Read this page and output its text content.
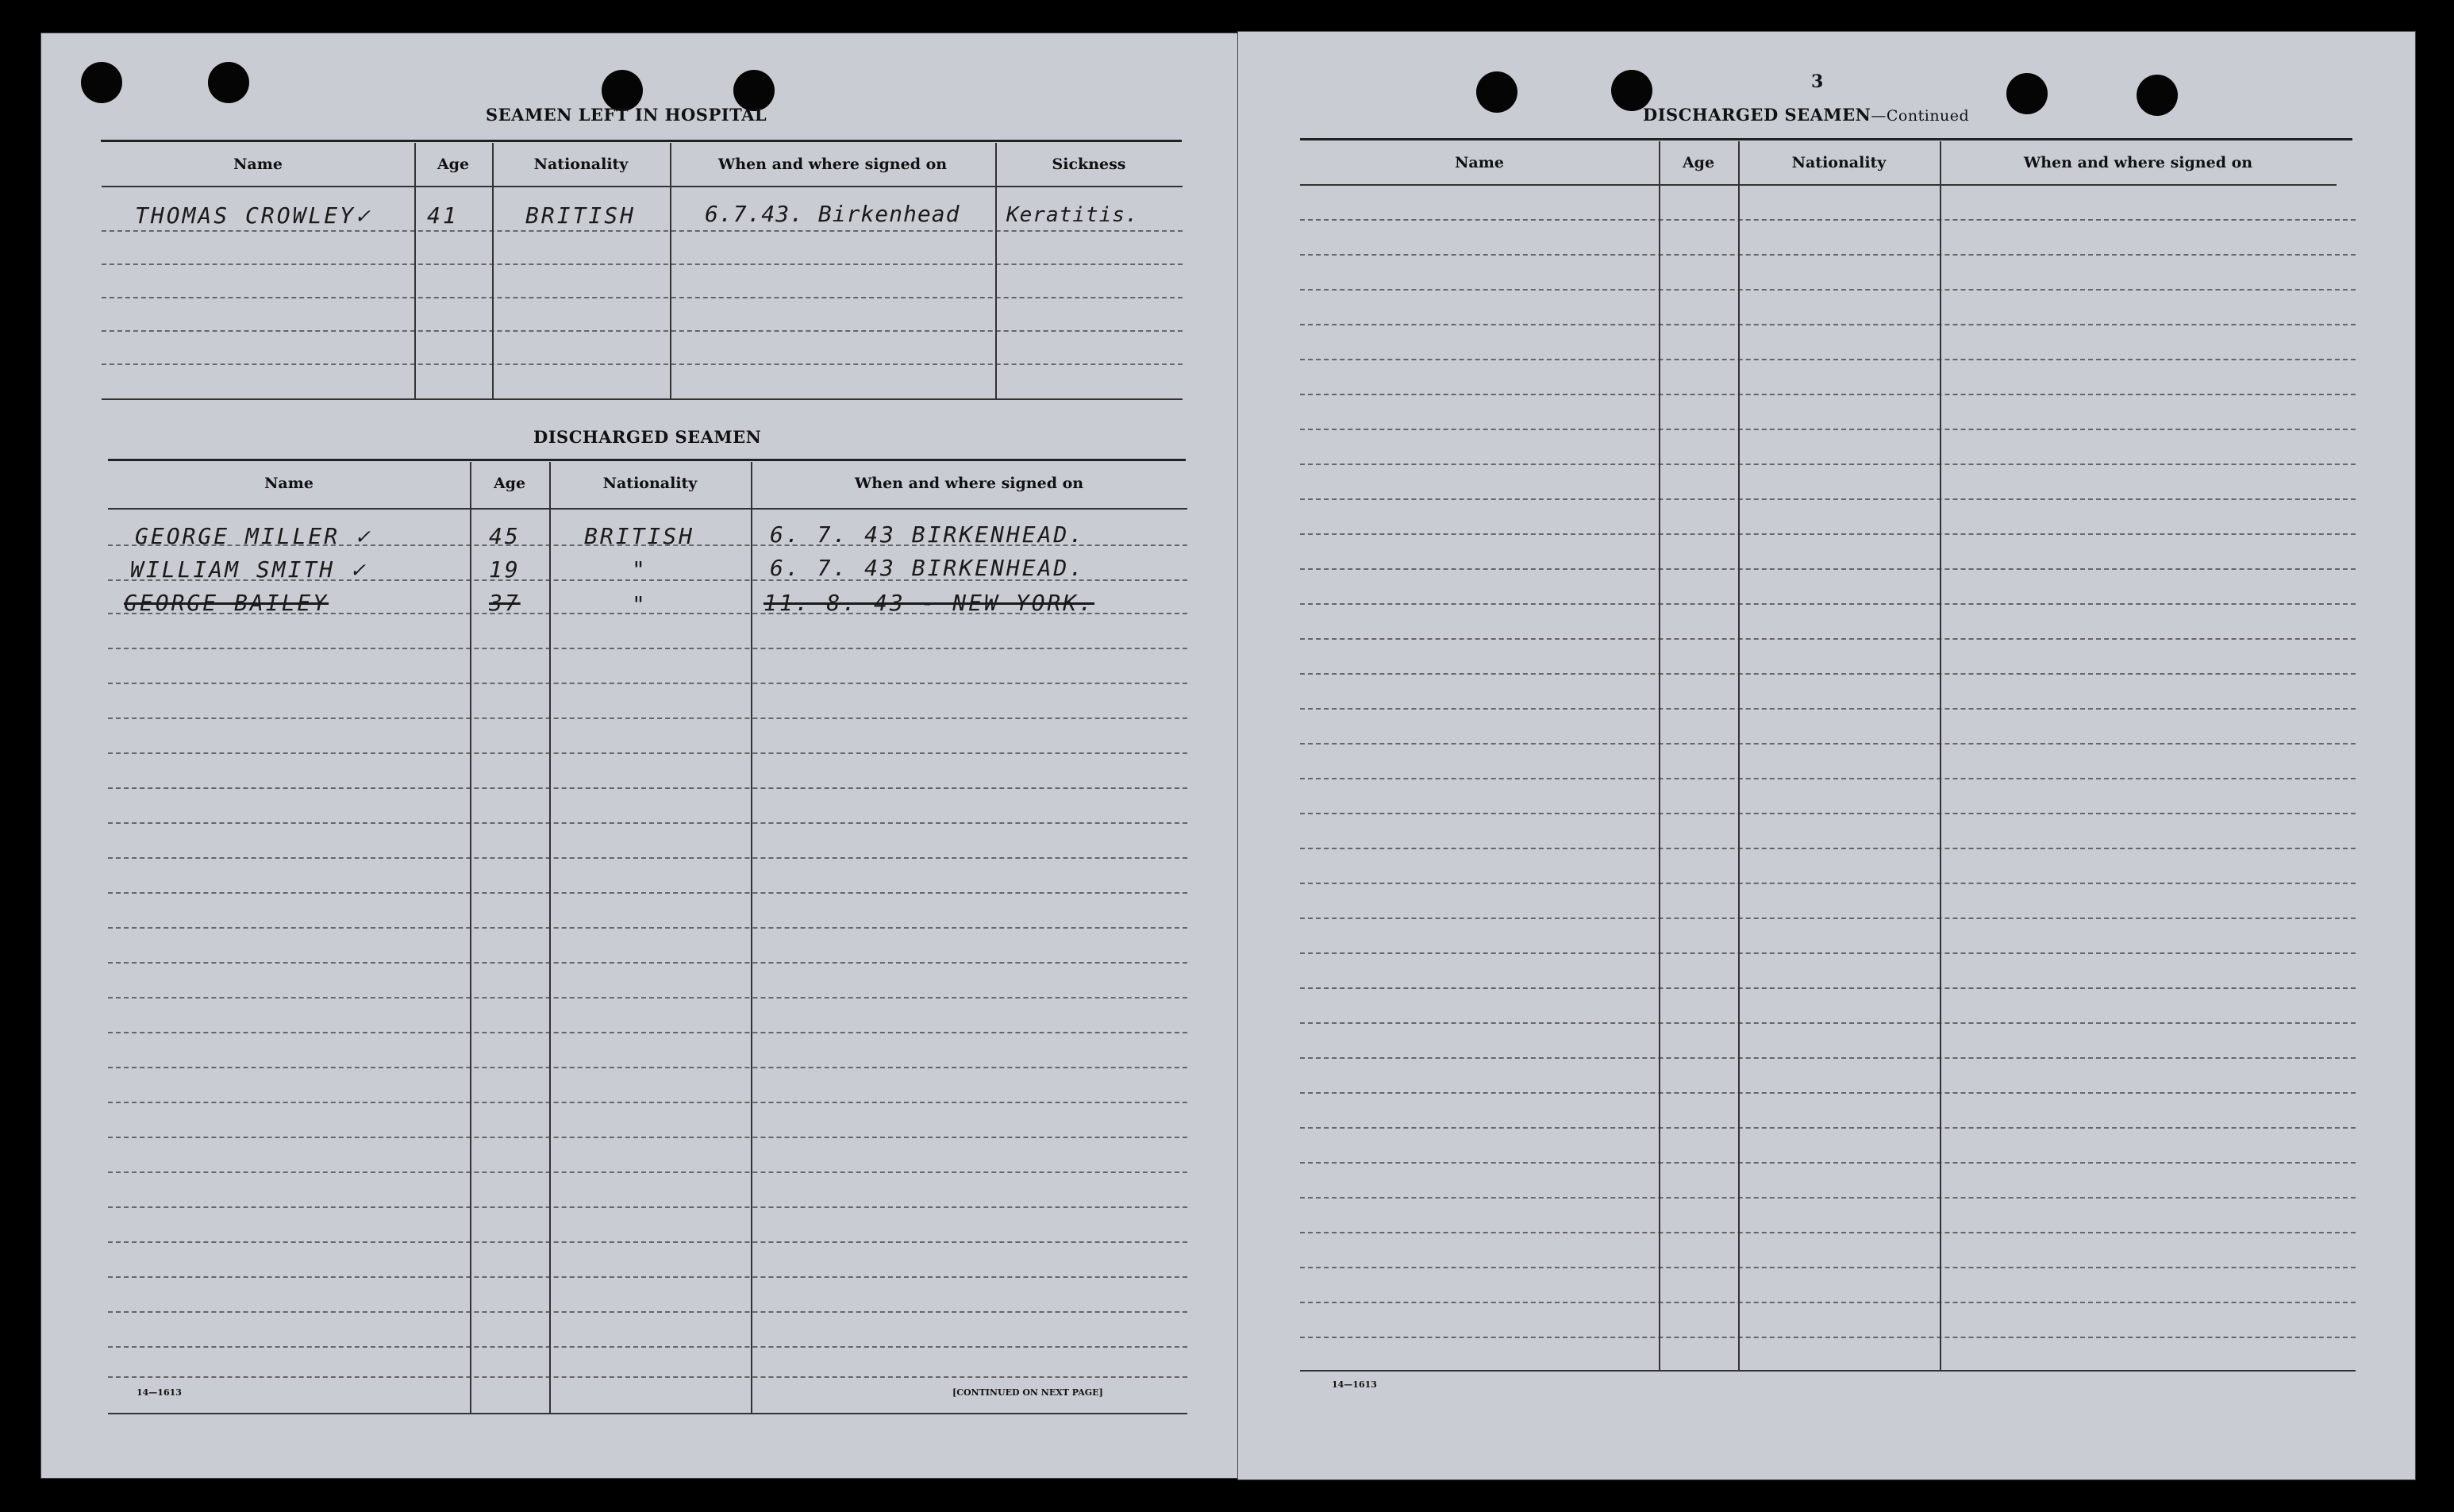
SEAMEN LEFT IN HOSPITAL
Name	Age	Nationality	When and where signed on	Sickness
THOMAS CROWLEY✓	41	BRITISH	6.7.43. Birkenhead	Keratitis.
DISCHARGED SEAMEN
Name	Age	Nationality	When and where signed on
GEORGE MILLER ✓	45	BRITISH	6. 7. 43 BIRKENHEAD.
WILLIAM SMITH ✓	19	"	6. 7. 43 BIRKENHEAD.
GEORGE BAILEY	37	"	11. 8. 43 - NEW YORK.
14—1613	[CONTINUED ON NEXT PAGE]
3
DISCHARGED SEAMEN—Continued
Name	Age	Nationality	When and where signed on
14—1613
